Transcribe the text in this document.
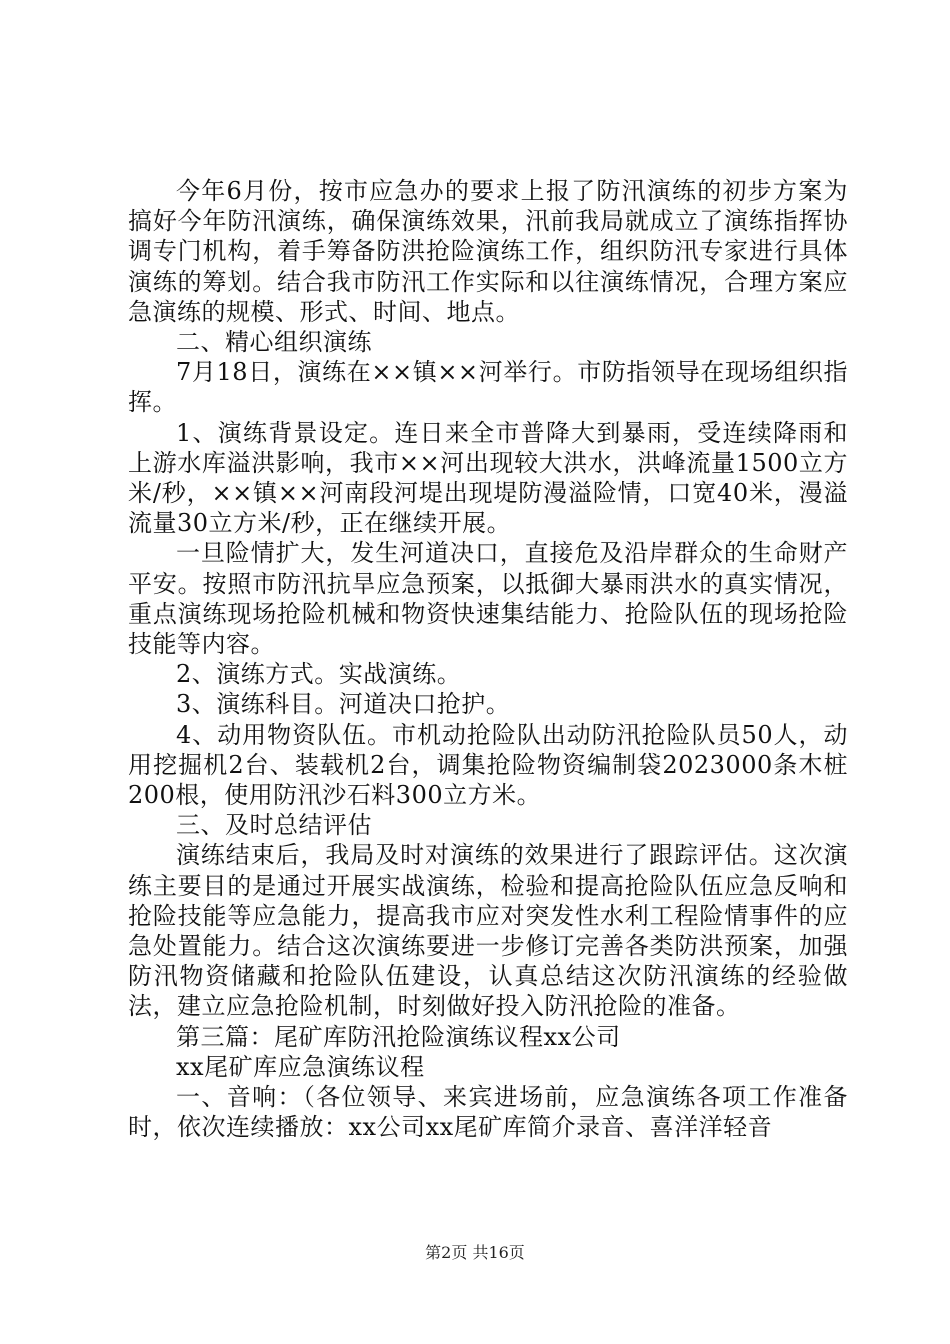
今年6月份，按市应急办的要求上报了防汛演练的初步方案为搞好今年防汛演练，确保演练效果，汛前我局就成立了演练指挥协调专门机构，着手筹备防洪抢险演练工作，组织防汛专家进行具体演练的筹划。结合我市防汛工作实际和以往演练情况，合理方案应急演练的规模、形式、时间、地点。

二、精心组织演练

7月18日，演练在××镇××河举行。市防指领导在现场组织指挥。

1、演练背景设定。连日来全市普降大到暴雨，受连续降雨和上游水库溢洪影响，我市××河出现较大洪水，洪峰流量1500立方米/秒，××镇××河南段河堤出现堤防漫溢险情，口宽40米，漫溢流量30立方米/秒，正在继续开展。

一旦险情扩大，发生河道决口，直接危及沿岸群众的生命财产平安。按照市防汛抗旱应急预案，以抵御大暴雨洪水的真实情况，重点演练现场抢险机械和物资快速集结能力、抢险队伍的现场抢险技能等内容。

2、演练方式。实战演练。

3、演练科目。河道决口抢护。

4、动用物资队伍。市机动抢险队出动防汛抢险队员50人，动用挖掘机2台、装载机2台，调集抢险物资编制袋2023000条木桩200根，使用防汛沙石料300立方米。

三、及时总结评估

演练结束后，我局及时对演练的效果进行了跟踪评估。这次演练主要目的是通过开展实战演练，检验和提高抢险队伍应急反响和抢险技能等应急能力，提高我市应对突发性水利工程险情事件的应急处置能力。结合这次演练要进一步修订完善各类防洪预案，加强防汛物资储藏和抢险队伍建设，认真总结这次防汛演练的经验做法，建立应急抢险机制，时刻做好投入防汛抢险的准备。

第三篇：尾矿库防汛抢险演练议程xx公司

xx尾矿库应急演练议程

一、音响：（各位领导、来宾进场前，应急演练各项工作准备时，依次连续播放：xx公司xx尾矿库简介录音、喜洋洋轻音

第2页 共16页
